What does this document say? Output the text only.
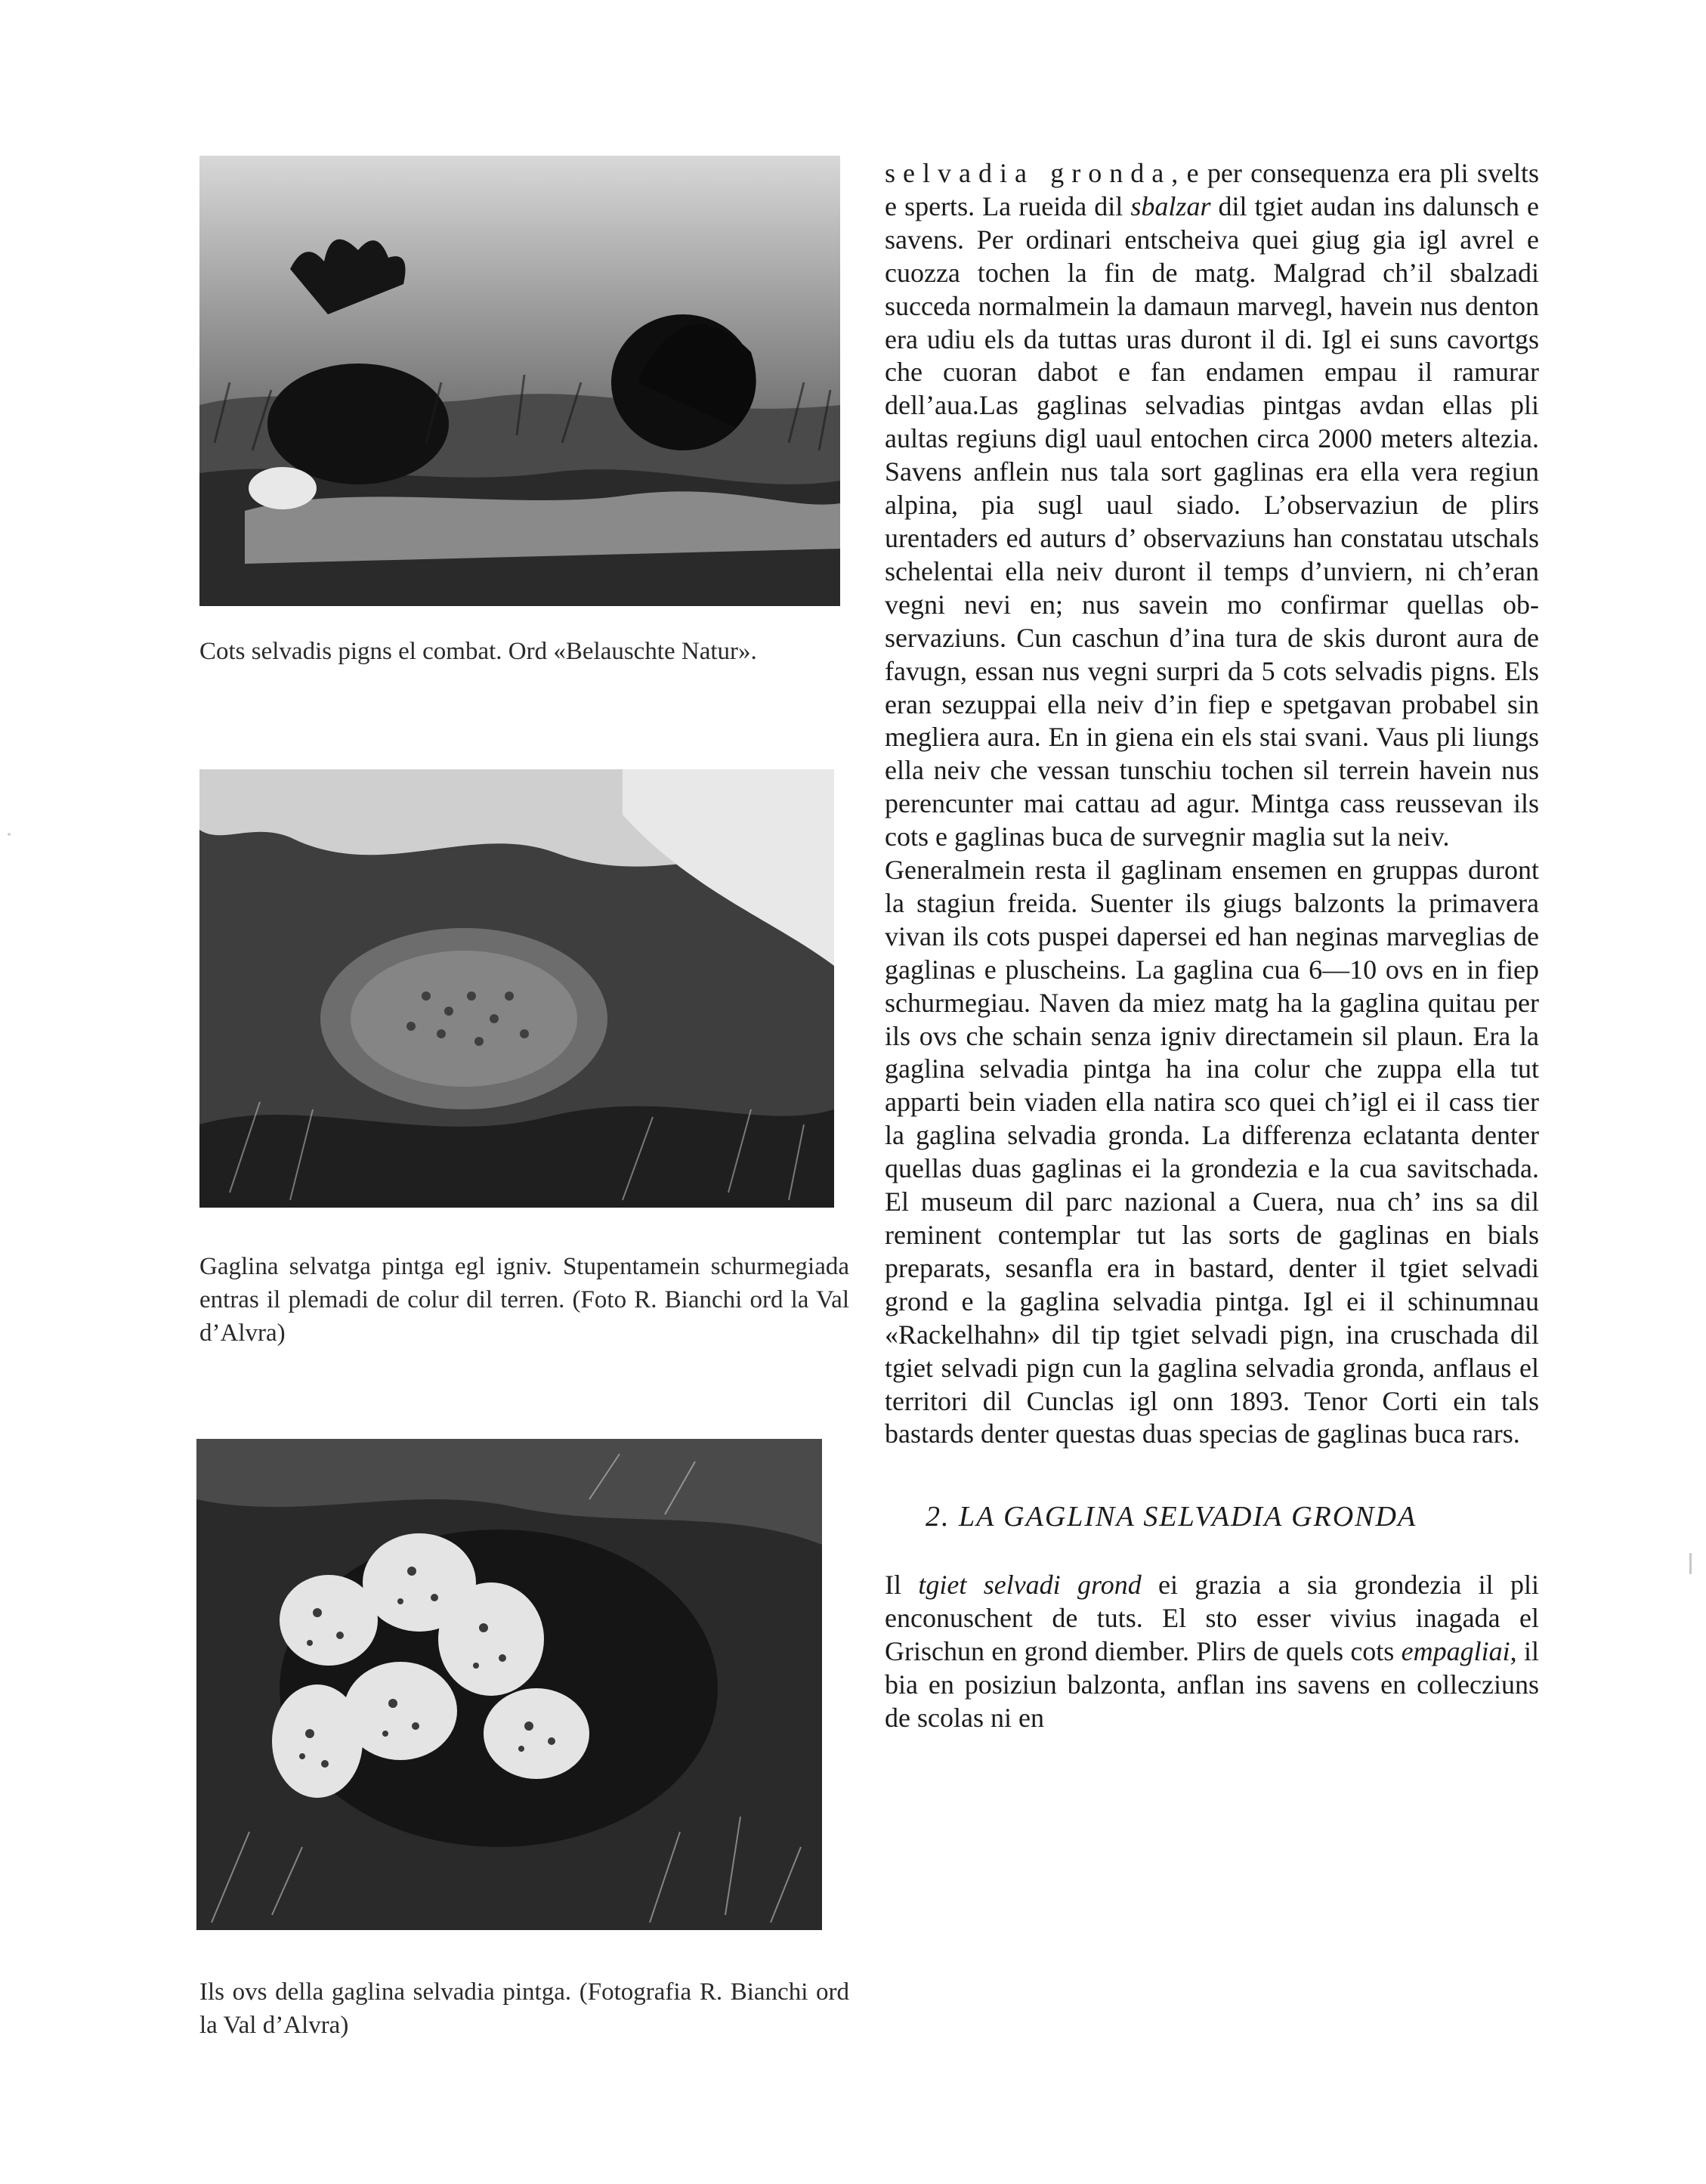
Cots selvadis pigns el combat. Ord «Belauschte Natur».

Gaglina selvatga pintga egl igniv. Stupentamein schurmegiada entras il plemadi de colur dil terren. (Foto R. Bianchi ord la Val d’Alvra)

Ils ovs della gaglina selvadia pintga. (Fotografia R. Bianchi ord la Val d’Alvra)

selvadia gronda, e per consequenza era pli svelts e sperts. La rueida dil sbalzar dil tgiet audan ins dalunsch e savens. Per ordinari entscheiva quei giug gia igl avrel e cuozza tochen la fin de matg. Malgrad ch’il sbalzadi succeda normalmein la damaun marvegl, havein nus denton era udiu els da tuttas uras duront il di. Igl ei suns cavortgs che cuoran dabot e fan endamen empau il ramurar dell’aua.Las gaglinas selvadias pintgas avdan ellas pli aultas regiuns digl uaul entochen circa 2000 meters altezia. Savens anflein nus tala sort gaglinas era ella vera regiun alpina, pia sugl uaul siado. L’observaziun de plirs urentaders ed auturs d’ observaziuns han constatau utschals schelentai ella neiv duront il temps d’unviern, ni ch’eran vegni nevi en; nus savein mo confirmar quellas observaziuns. Cun caschun d’ina tura de skis duront aura de favugn, essan nus vegni surpri da 5 cots selvadis pigns. Els eran sezuppai ella neiv d’in fiep e spetgavan probabel sin megliera aura. En in giena ein els stai svani. Vaus pli liungs ella neiv che vessan tunschiu tochen sil terrein havein nus perencunter mai cattau ad agur. Mintga cass reussevan ils cots e gaglinas buca de survegnir maglia sut la neiv.

Generalmein resta il gaglinam ensemen en gruppas duront la stagiun freida. Suenter ils giugs balzonts la primavera vivan ils cots puspei dapersei ed han neginas marveglias de gaglinas e pluscheins. La gaglina cua 6—10 ovs en in fiep schurmegiau. Naven da miez matg ha la gaglina quitau per ils ovs che schain senza igniv directamein sil plaun. Era la gaglina selvadia pintga ha ina colur che zuppa ella tut apparti bein viaden ella natira sco quei ch’igl ei il cass tier la gaglina selvadia gronda. La differenza eclatanta denter quellas duas gaglinas ei la grondezia e la cua savitschada. El museum dil parc nazional a Cuera, nua ch’ ins sa dil reminent contemplar tut las sorts de gaglinas en bials preparats, sesanfla era in bastard, denter il tgiet selvadi grond e la gaglina selvadia pintga. Igl ei il schinumnau «Rackelhahn» dil tip tgiet selvadi pign, ina cruschada dil tgiet selvadi pign cun la gaglina selvadia gronda, anflaus el territori dil Cunclas igl onn 1893. Tenor Corti ein tals bastards denter questas duas specias de gaglinas buca rars.

2. LA GAGLINA SELVADIA GRONDA

Il tgiet selvadi grond ei grazia a sia grondezia il pli enconuschent de tuts. El sto esser vivius inagada el Grischun en grond diember. Plirs de quels cots empagliai, il bia en posiziun balzonta, anflan ins savens en collecziuns de scolas ni en
